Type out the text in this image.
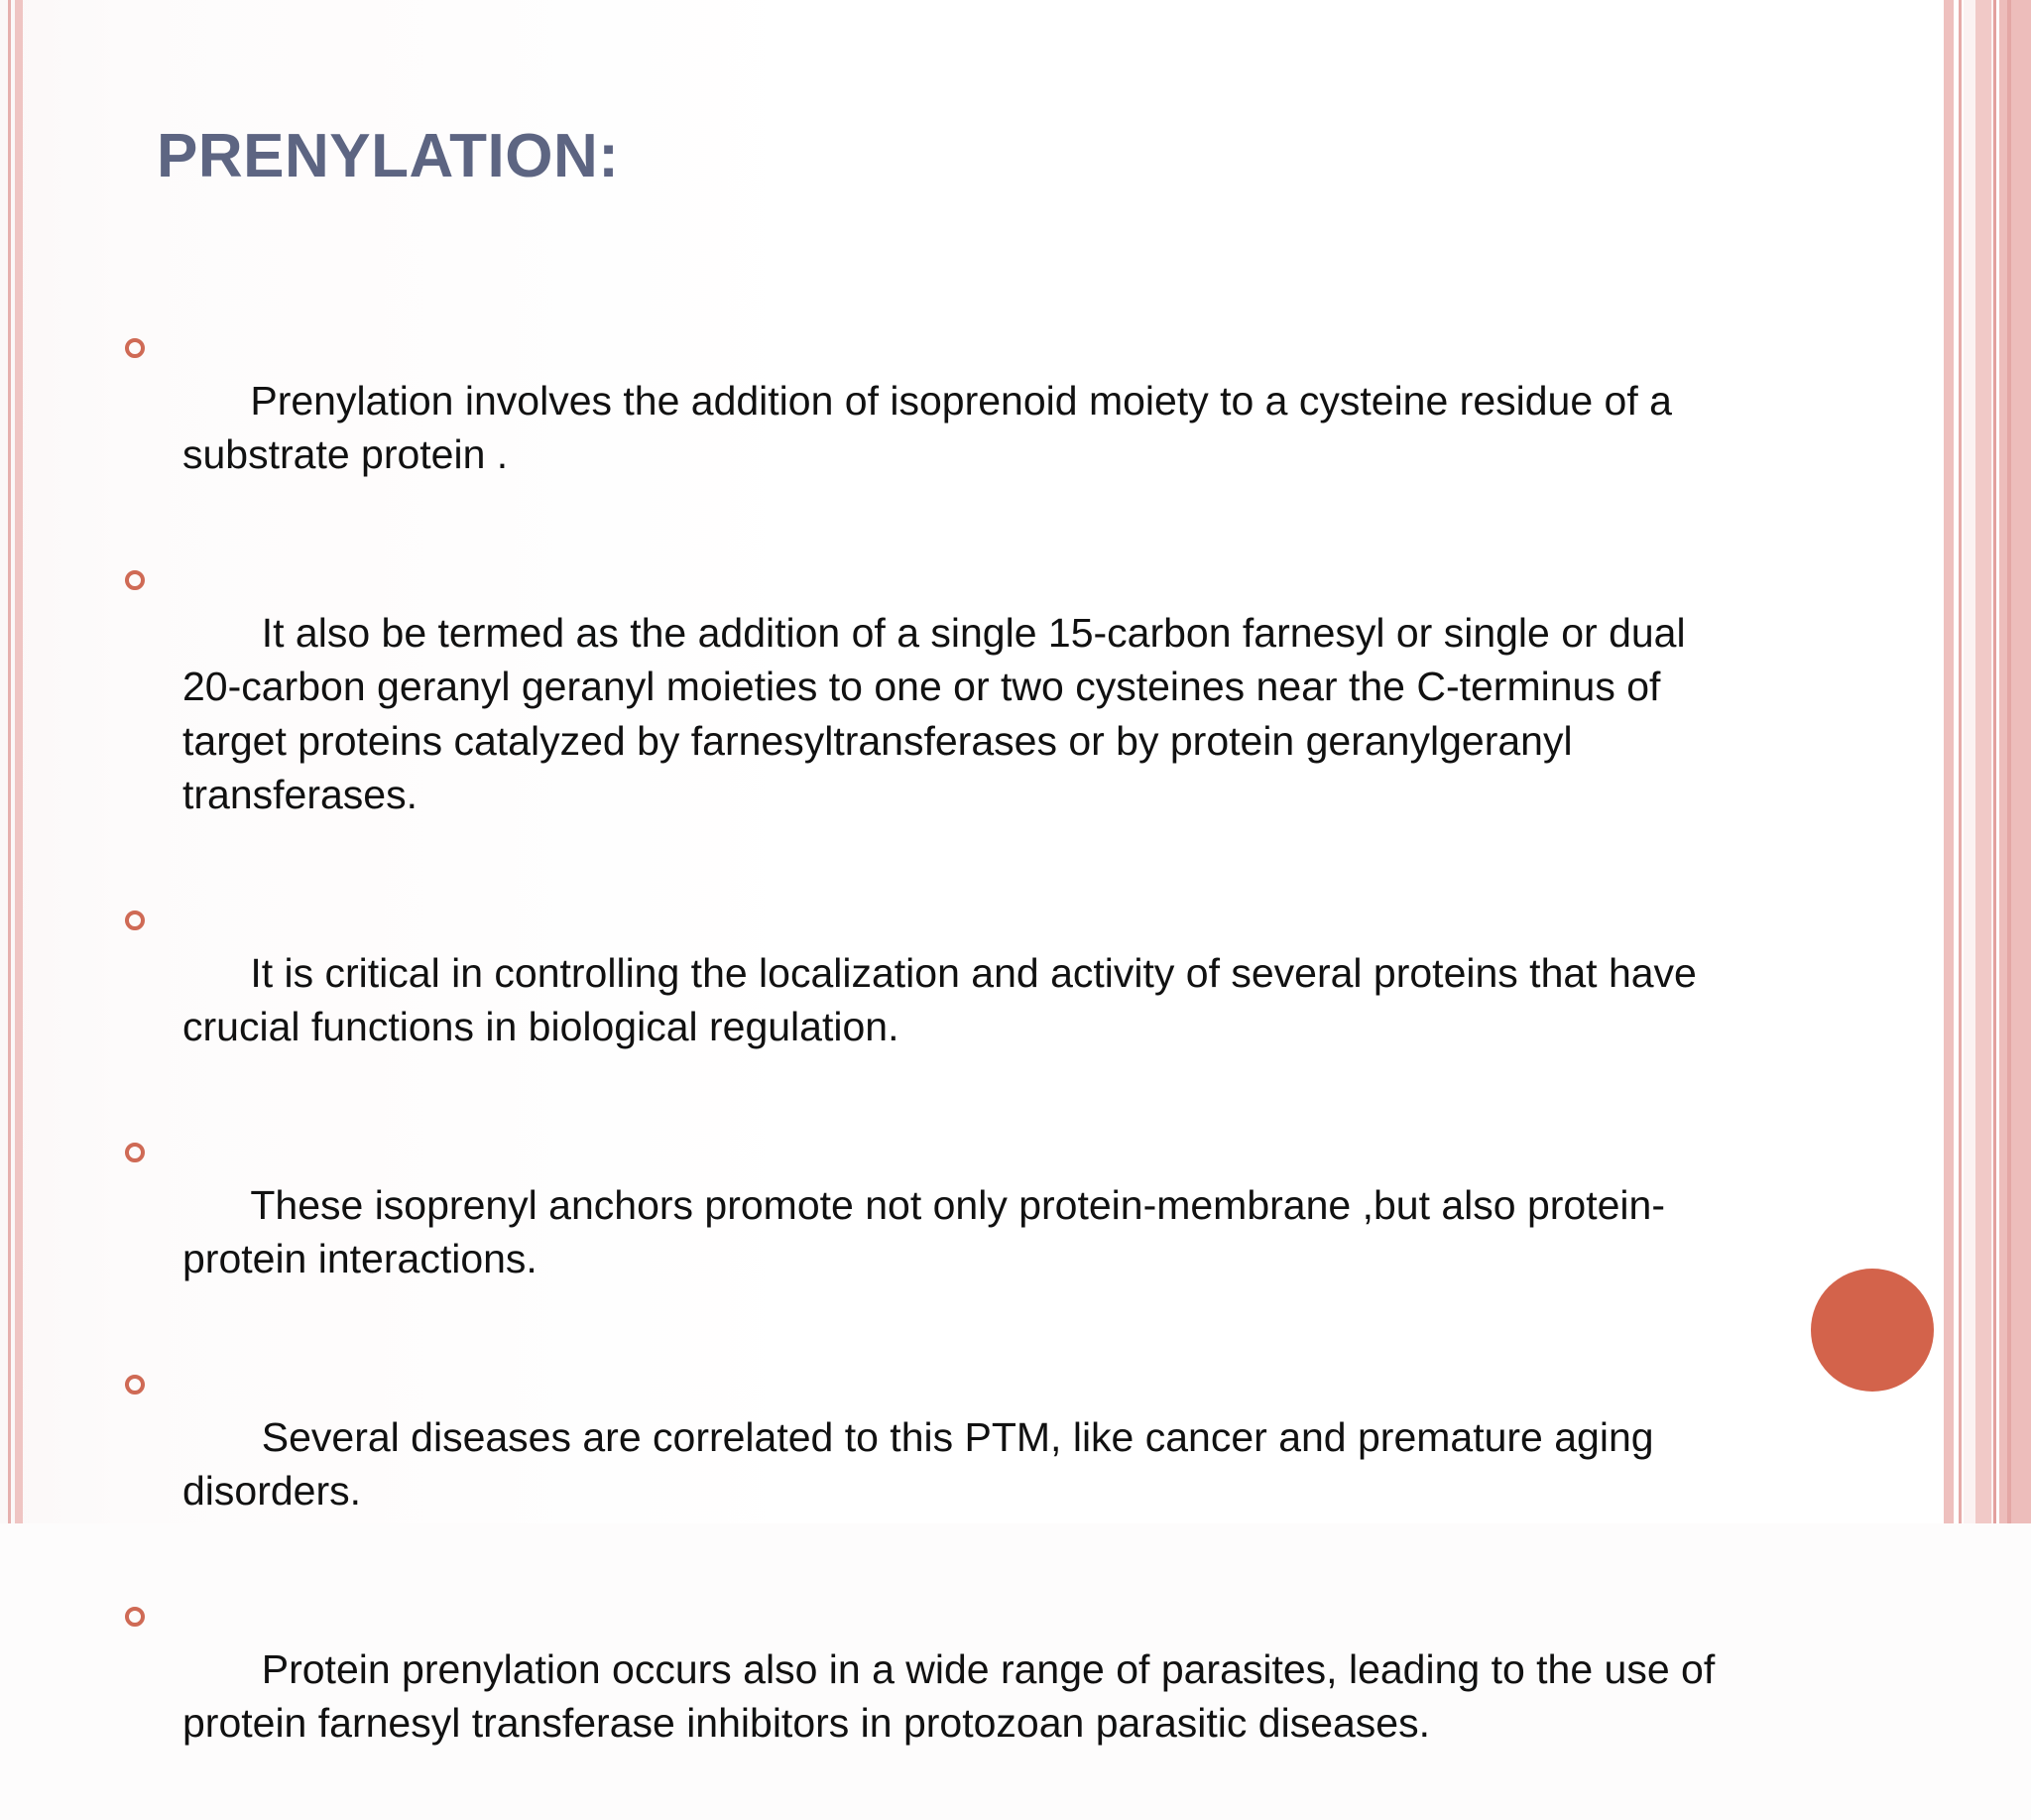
PRENYLATION:

Prenylation involves the addition of isoprenoid moiety to a cysteine residue of a substrate protein .

It also be termed as the addition of a single 15-carbon farnesyl or single or dual 20-carbon geranyl geranyl moieties to one or two cysteines near the C-terminus of target proteins catalyzed by farnesyltransferases or by protein geranylgeranyl transferases.

It is critical in controlling the localization and activity of several proteins that have crucial functions in biological regulation.

These isoprenyl anchors promote not only protein-membrane ,but also protein-protein interactions.

Several diseases are correlated to this PTM, like cancer and premature aging disorders.

Protein prenylation occurs also in a wide range of parasites, leading to the use of protein farnesyl transferase inhibitors in protozoan parasitic diseases.
